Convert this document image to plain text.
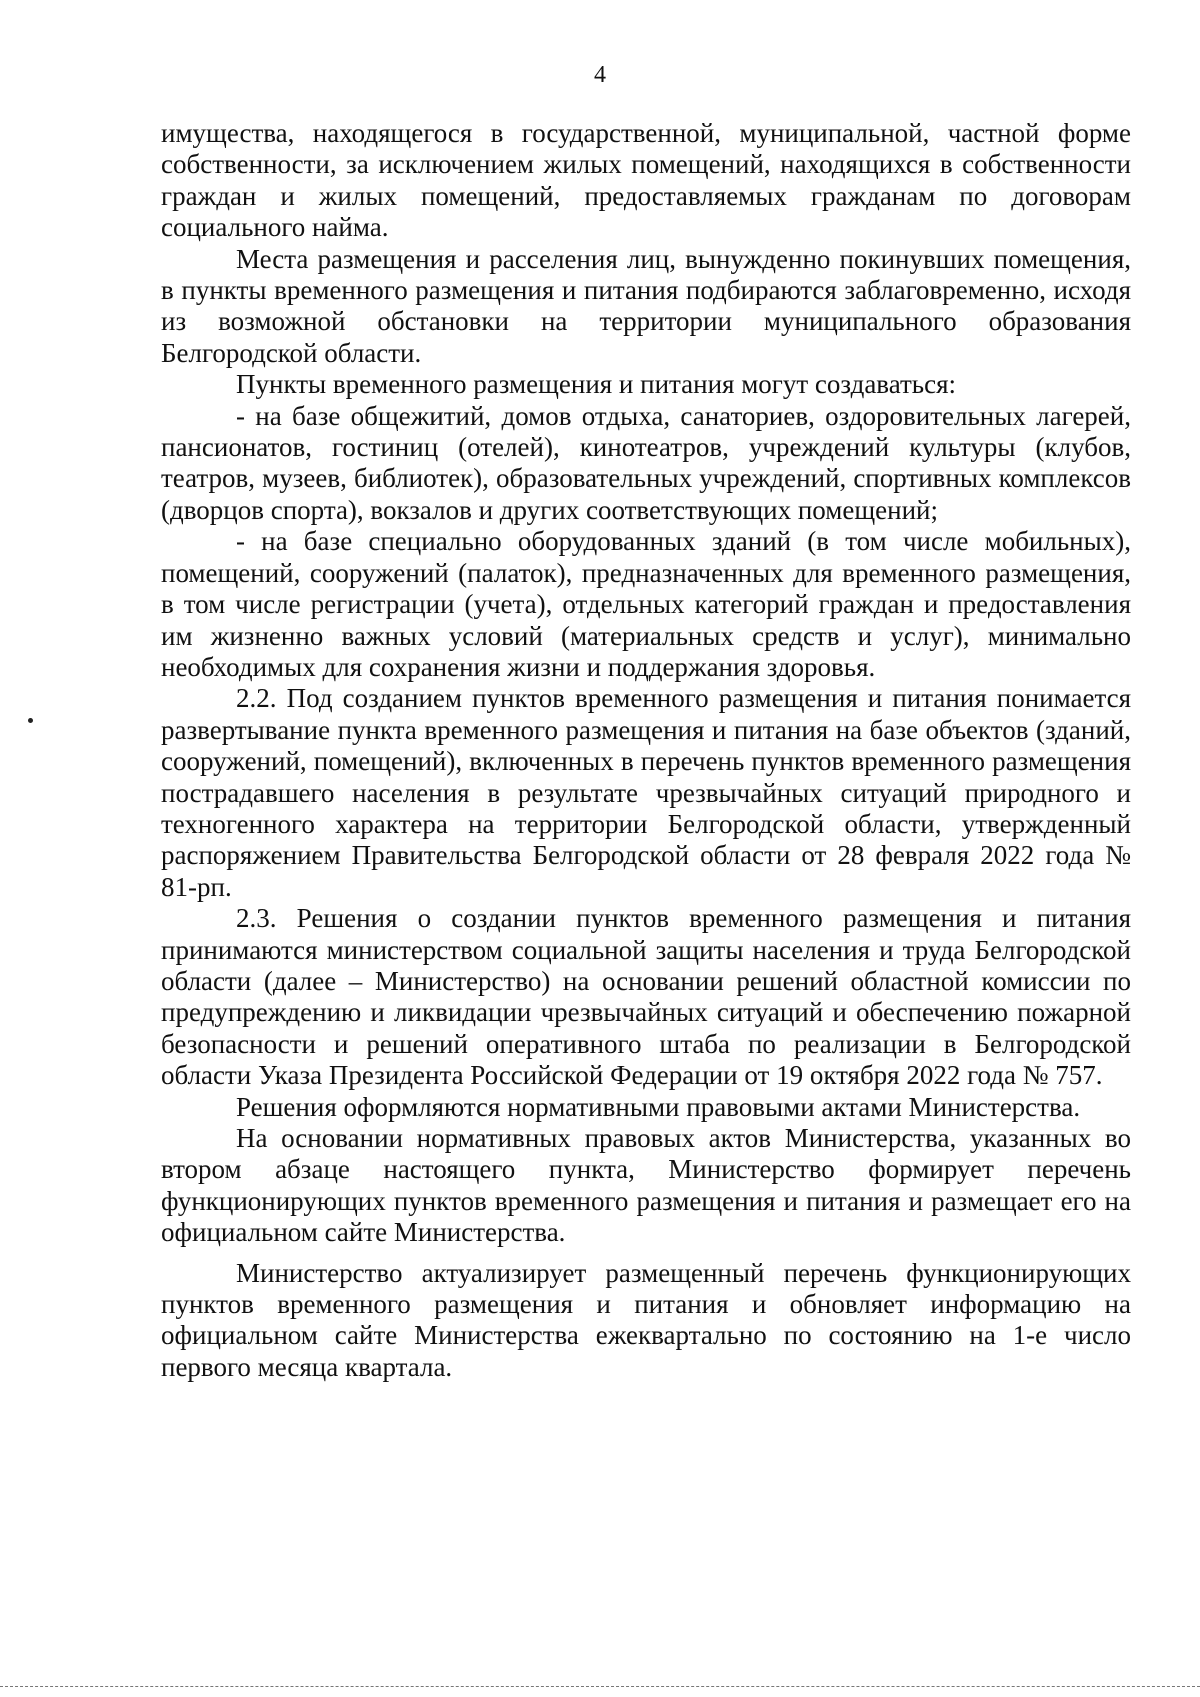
4

имущества, находящегося в государственной, муниципальной, частной форме собственности, за исключением жилых помещений, находящихся в собственности граждан и жилых помещений, предоставляемых гражданам по договорам социального найма.

Места размещения и расселения лиц, вынужденно покинувших помещения, в пункты временного размещения и питания подбираются заблаговременно, исходя из возможной обстановки на территории муниципального образования Белгородской области.

Пункты временного размещения и питания могут создаваться:

- на базе общежитий, домов отдыха, санаториев, оздоровительных лагерей, пансионатов, гостиниц (отелей), кинотеатров, учреждений культуры (клубов, театров, музеев, библиотек), образовательных учреждений, спортивных комплексов (дворцов спорта), вокзалов и других соответствующих помещений;

- на базе специально оборудованных зданий (в том числе мобильных), помещений, сооружений (палаток), предназначенных для временного размещения, в том числе регистрации (учета), отдельных категорий граждан и предоставления им жизненно важных условий (материальных средств и услуг), минимально необходимых для сохранения жизни и поддержания здоровья.

2.2. Под созданием пунктов временного размещения и питания понимается развертывание пункта временного размещения и питания на базе объектов (зданий, сооружений, помещений), включенных в перечень пунктов временного размещения пострадавшего населения в результате чрезвычайных ситуаций природного и техногенного характера на территории Белгородской области, утвержденный распоряжением Правительства Белгородской области от 28 февраля 2022 года № 81-рп.

2.3. Решения о создании пунктов временного размещения и питания принимаются министерством социальной защиты населения и труда Белгородской области (далее – Министерство) на основании решений областной комиссии по предупреждению и ликвидации чрезвычайных ситуаций и обеспечению пожарной безопасности и решений оперативного штаба по реализации в Белгородской области Указа Президента Российской Федерации от 19 октября 2022 года № 757.

Решения оформляются нормативными правовыми актами Министерства.

На основании нормативных правовых актов Министерства, указанных во втором абзаце настоящего пункта, Министерство формирует перечень функционирующих пунктов временного размещения и питания и размещает его на официальном сайте Министерства.

Министерство актуализирует размещенный перечень функционирующих пунктов временного размещения и питания и обновляет информацию на официальном сайте Министерства ежеквартально по состоянию на 1-е число первого месяца квартала.
